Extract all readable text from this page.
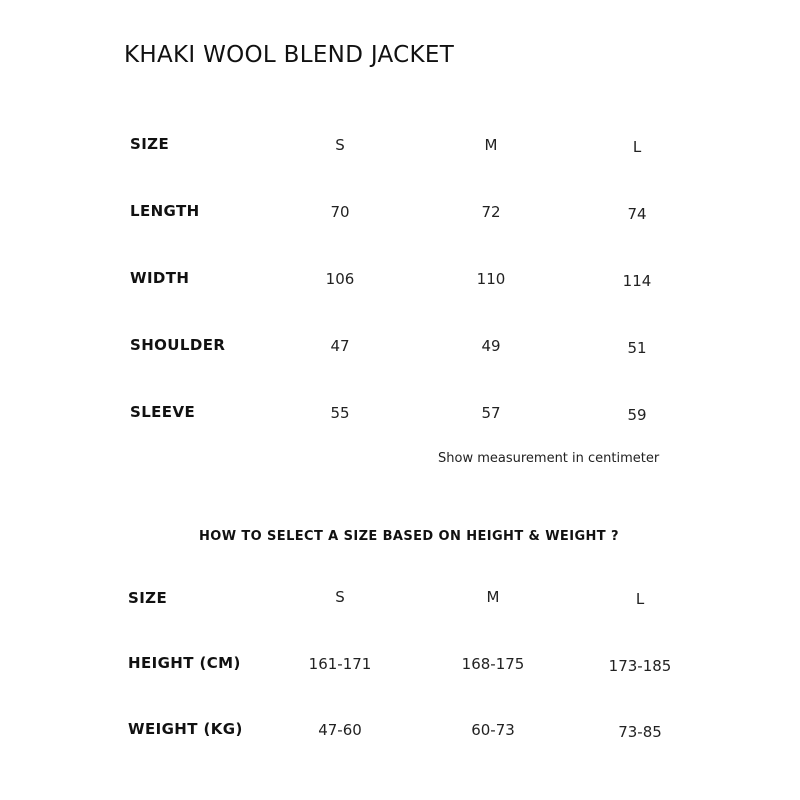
KHAKI WOOL BLEND JACKET
SIZE	S	M	L
LENGTH	70	72	74
WIDTH	106	110	114
SHOULDER	47	49	51
SLEEVE	55	57	59
Show measurement in centimeter
HOW TO SELECT A SIZE BASED ON HEIGHT & WEIGHT ?
SIZE	S	M	L
HEIGHT (CM)	161-171	168-175	173-185
WEIGHT (KG)	47-60	60-73	73-85
